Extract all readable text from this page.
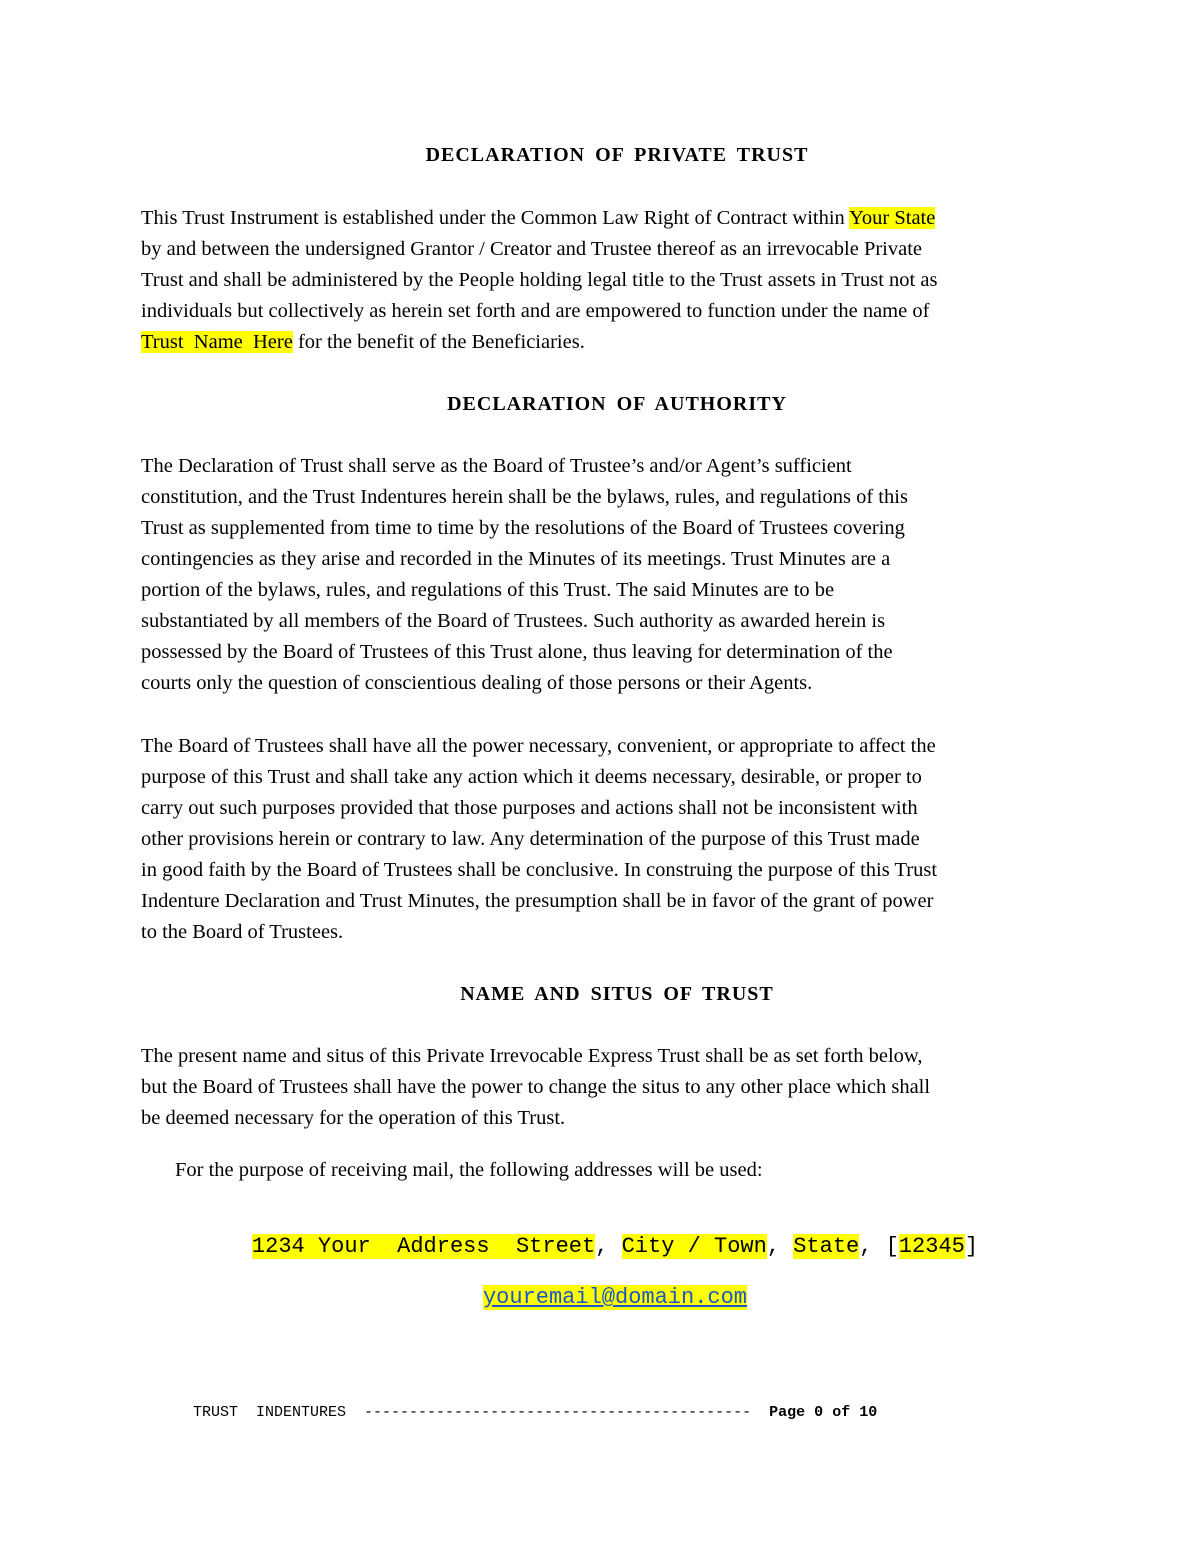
DECLARATION OF PRIVATE TRUST

This Trust Instrument is established under the Common Law Right of Contract within Your State
by and between the undersigned Grantor / Creator and Trustee thereof as an irrevocable Private
Trust and shall be administered by the People holding legal title to the Trust assets in Trust not as
individuals but collectively as herein set forth and are empowered to function under the name of
Trust  Name  Here for the benefit of the Beneficiaries.

DECLARATION OF AUTHORITY

The Declaration of Trust shall serve as the Board of Trustee’s and/or Agent’s sufficient
constitution, and the Trust Indentures herein shall be the bylaws, rules, and regulations of this
Trust as supplemented from time to time by the resolutions of the Board of Trustees covering
contingencies as they arise and recorded in the Minutes of its meetings. Trust Minutes are a
portion of the bylaws, rules, and regulations of this Trust. The said Minutes are to be
substantiated by all members of the Board of Trustees. Such authority as awarded herein is
possessed by the Board of Trustees of this Trust alone, thus leaving for determination of the
courts only the question of conscientious dealing of those persons or their Agents.

The Board of Trustees shall have all the power necessary, convenient, or appropriate to affect the
purpose of this Trust and shall take any action which it deems necessary, desirable, or proper to
carry out such purposes provided that those purposes and actions shall not be inconsistent with
other provisions herein or contrary to law. Any determination of the purpose of this Trust made
in good faith by the Board of Trustees shall be conclusive. In construing the purpose of this Trust
Indenture Declaration and Trust Minutes, the presumption shall be in favor of the grant of power
to the Board of Trustees.

NAME AND SITUS OF TRUST

The present name and situs of this Private Irrevocable Express Trust shall be as set forth below,
but the Board of Trustees shall have the power to change the situs to any other place which shall
be deemed necessary for the operation of this Trust.

For the purpose of receiving mail, the following addresses will be used:

1234 Your  Address  Street, City / Town, State, [12345]

youremail@domain.com

TRUST  INDENTURES ------------------------------------------- Page 0 of 10
